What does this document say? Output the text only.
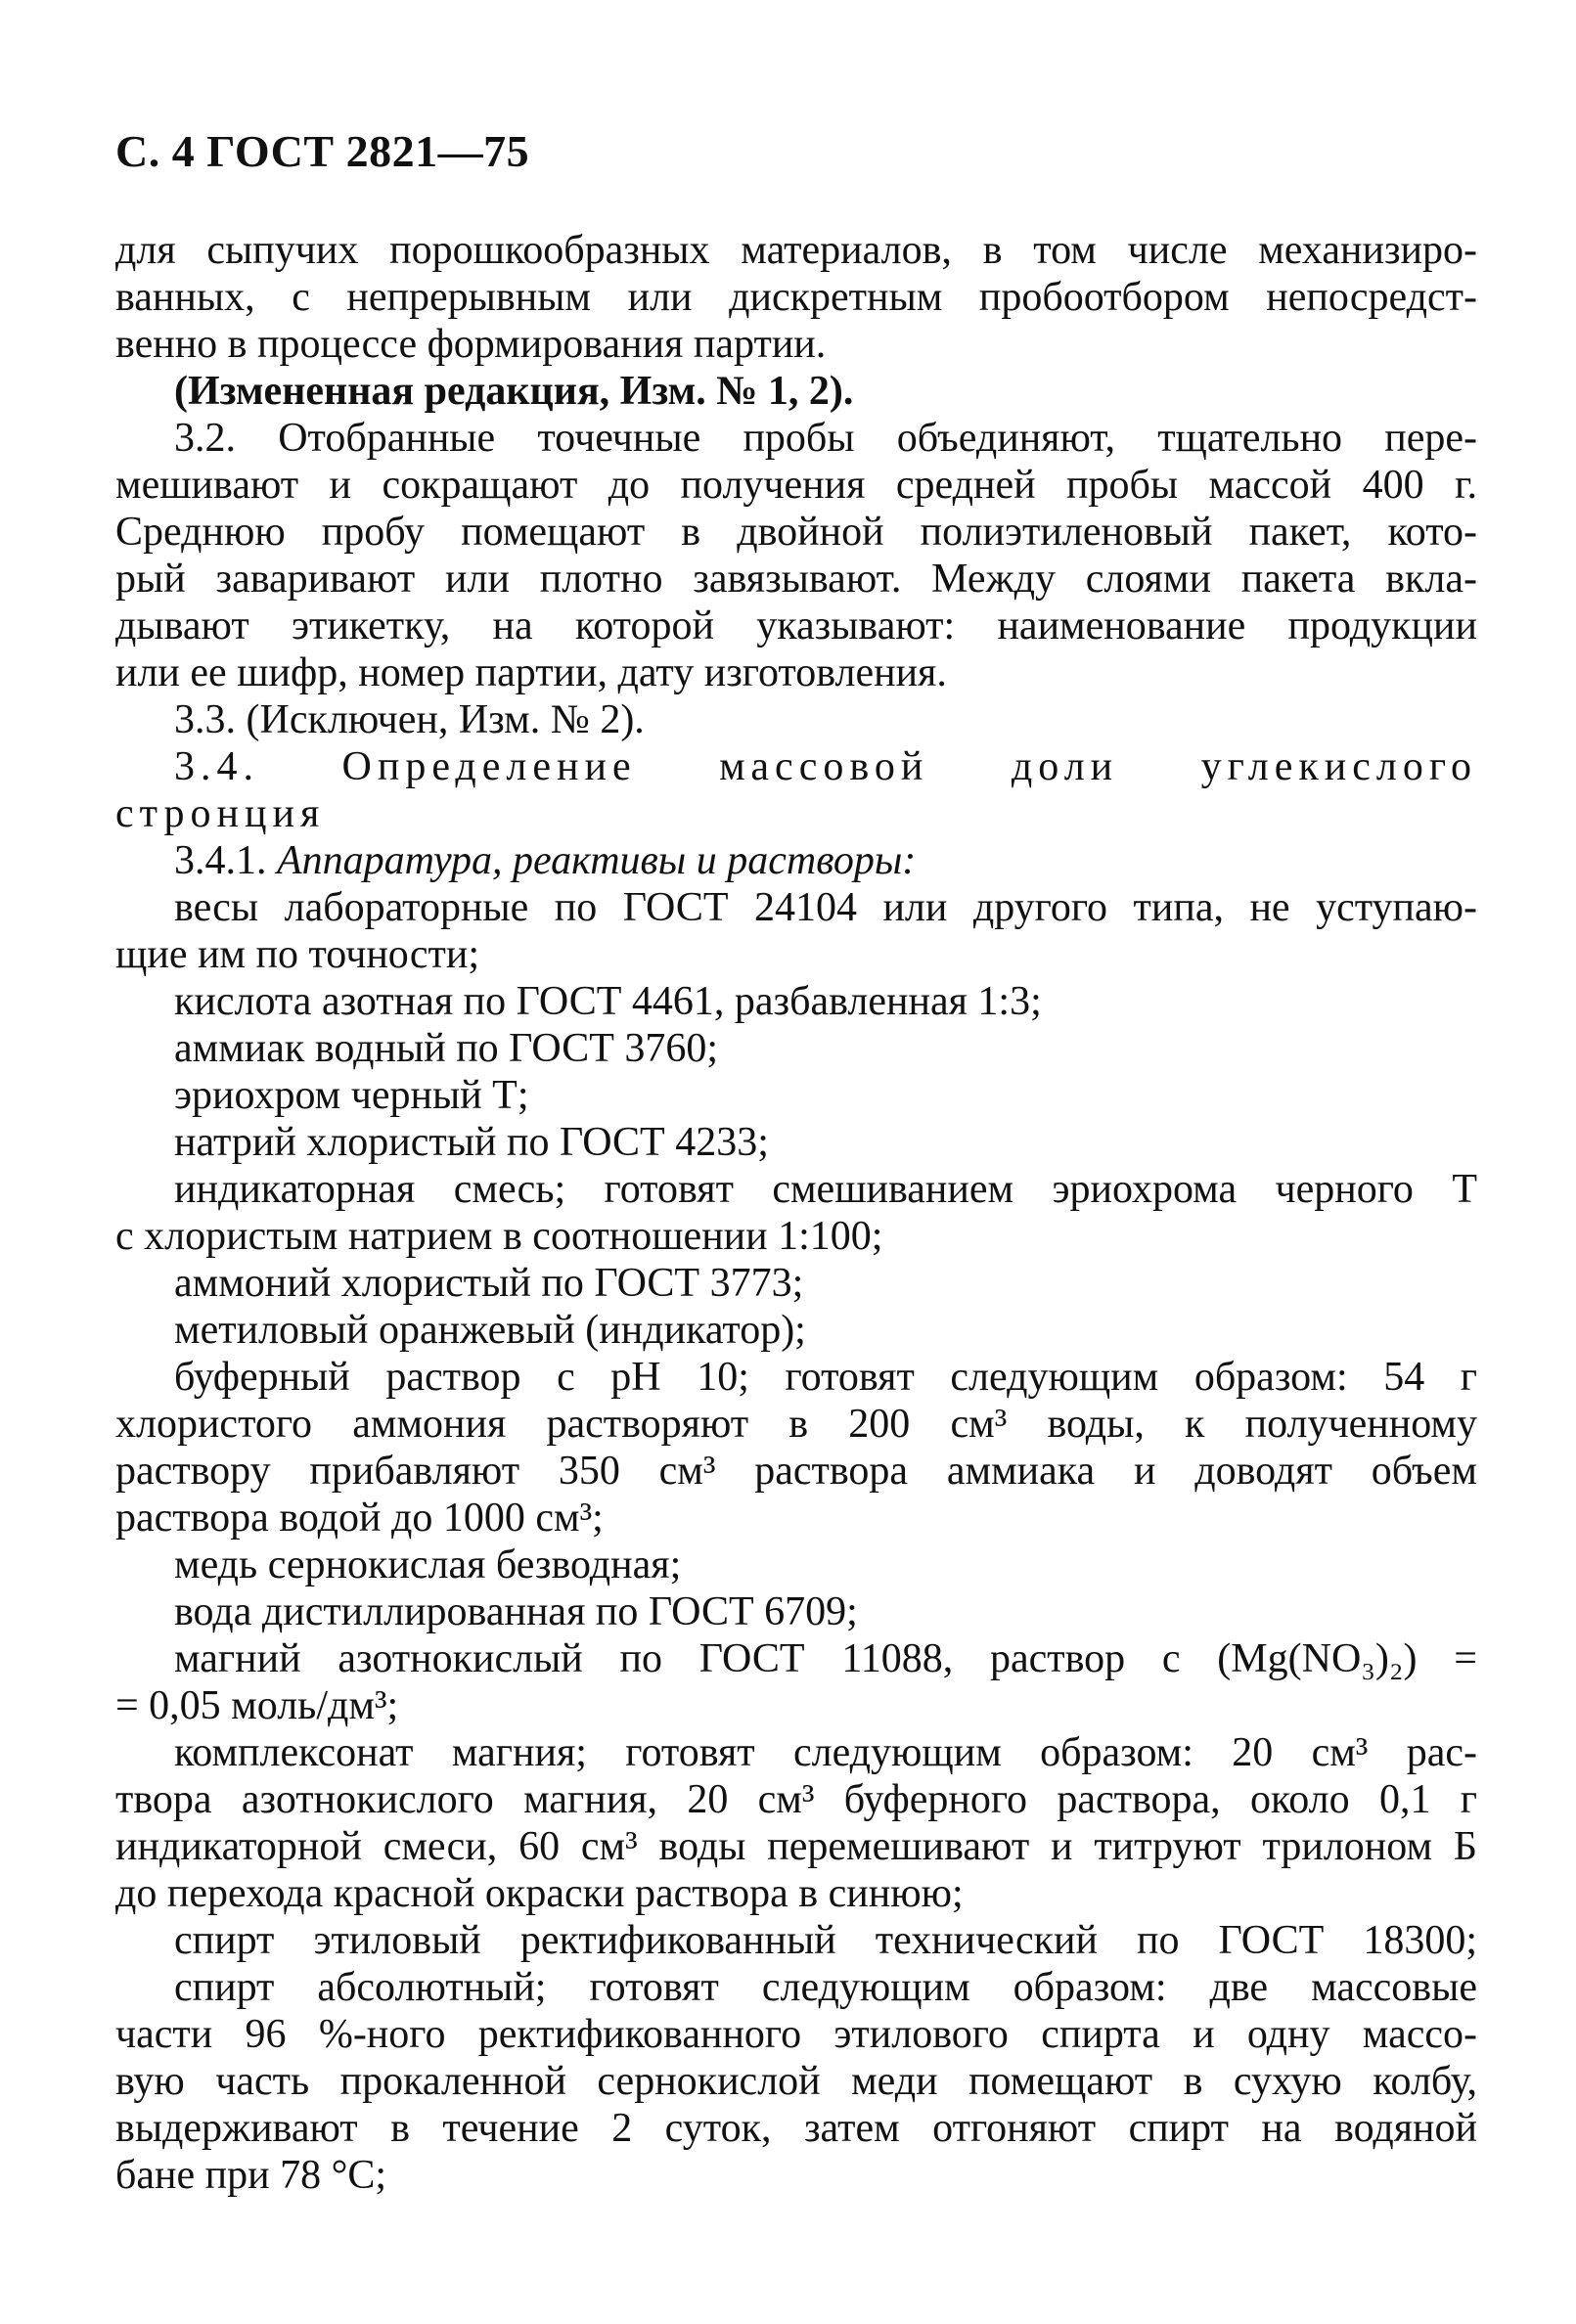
С. 4 ГОСТ 2821—75
для сыпучих порошкообразных материалов, в том числе механизиро-
ванных, с непрерывным или дискретным пробоотбором непосредст-
венно в процессе формирования партии.
(Измененная редакция, Изм. № 1, 2).
3.2. Отобранные точечные пробы объединяют, тщательно пере-
мешивают и сокращают до получения средней пробы массой 400 г.
Среднюю пробу помещают в двойной полиэтиленовый пакет, кото-
рый заваривают или плотно завязывают. Между слоями пакета вкла-
дывают этикетку, на которой указывают: наименование продукции
или ее шифр, номер партии, дату изготовления.
3.3. (Исключен, Изм. № 2).
3.4. Определение массовой доли углекислого
стронция
3.4.1. Аппаратура, реактивы и растворы:
весы лабораторные по ГОСТ 24104 или другого типа, не уступаю-
щие им по точности;
кислота азотная по ГОСТ 4461, разбавленная 1:3;
аммиак водный по ГОСТ 3760;
эриохром черный Т;
натрий хлористый по ГОСТ 4233;
индикаторная смесь; готовят смешиванием эриохрома черного Т
с хлористым натрием в соотношении 1:100;
аммоний хлористый по ГОСТ 3773;
метиловый оранжевый (индикатор);
буферный раствор с рН 10; готовят следующим образом: 54 г
хлористого аммония растворяют в 200 см³ воды, к полученному
раствору прибавляют 350 см³ раствора аммиака и доводят объем
раствора водой до 1000 см³;
медь сернокислая безводная;
вода дистиллированная по ГОСТ 6709;
магний азотнокислый по ГОСТ 11088, раствор c (Mg(NO₃)₂) =
= 0,05 моль/дм³;
комплексонат магния; готовят следующим образом: 20 см³ рас-
твора азотнокислого магния, 20 см³ буферного раствора, около 0,1 г
индикаторной смеси, 60 см³ воды перемешивают и титруют трилоном Б
до перехода красной окраски раствора в синюю;
спирт этиловый ректификованный технический по ГОСТ 18300;
спирт абсолютный; готовят следующим образом: две массовые
части 96 %-ного ректификованного этилового спирта и одну массо-
вую часть прокаленной сернокислой меди помещают в сухую колбу,
выдерживают в течение 2 суток, затем отгоняют спирт на водяной
бане при 78 °С;
